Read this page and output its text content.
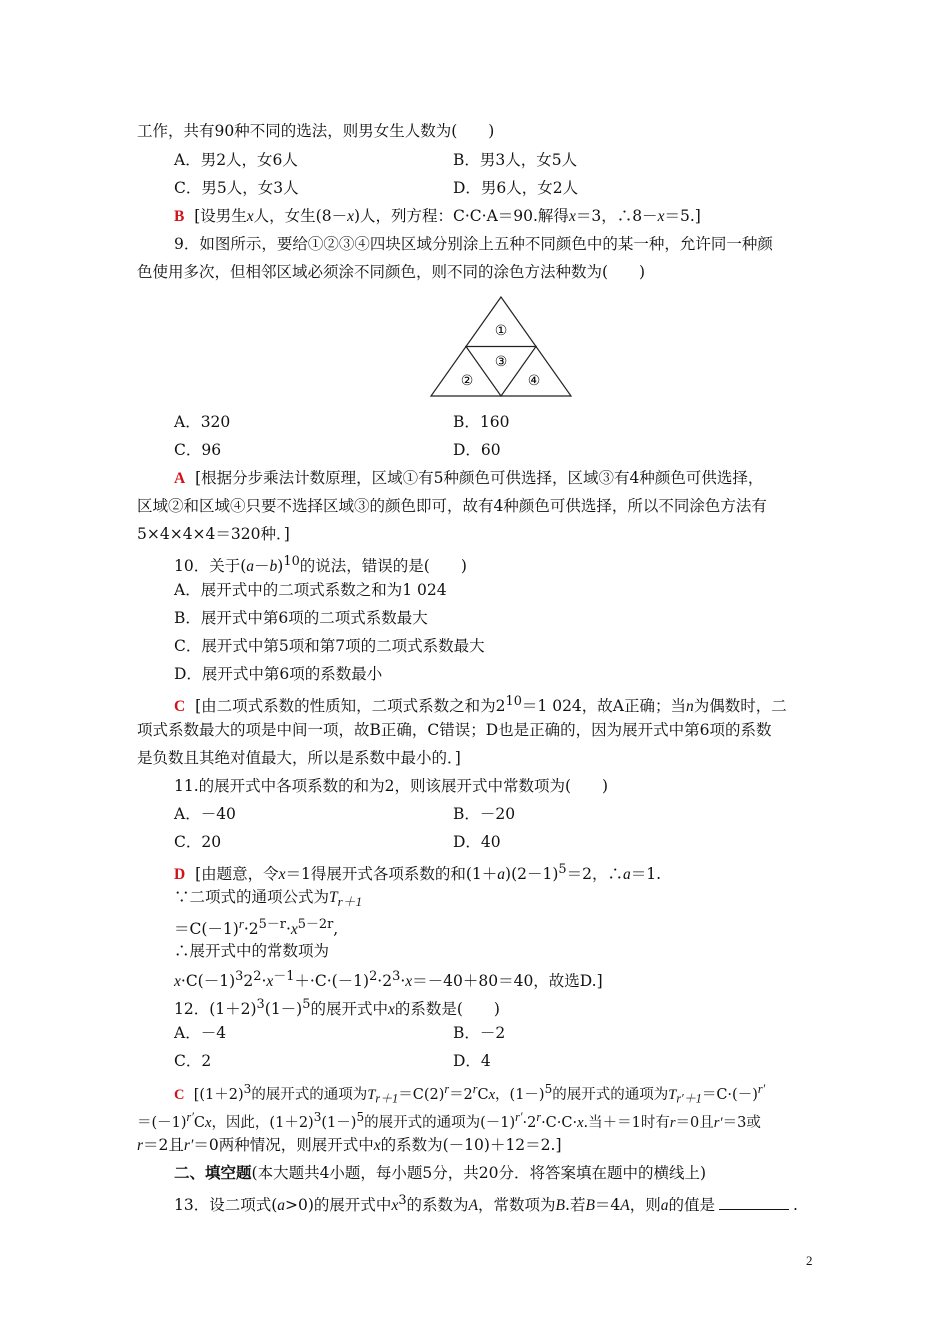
工作，共有90种不同的选法，则男女生人数为(　　)
A．男2人，女6人	B．男3人，女5人
C．男5人，女3人	D．男6人，女2人
B [设男生x人，女生(8－x)人，列方程：C·C·A＝90.解得x＝3，∴8－x＝5.]
9．如图所示，要给①②③④四块区域分别涂上五种不同颜色中的某一种，允许同一种颜
色使用多次，但相邻区域必须涂不同颜色，则不同的涂色方法种数为(　　)
①
②
③
④
A．320	B．160
C．96	D．60
A [根据分步乘法计数原理，区域①有5种颜色可供选择，区域③有4种颜色可供选择，
区域②和区域④只要不选择区域③的颜色即可，故有4种颜色可供选择，所以不同涂色方法有
5×4×4×4＝320种．]
10．关于$(a-b)^{10}$的说法，错误的是(　　)
A．展开式中的二项式系数之和为1 024
B．展开式中第6项的二项式系数最大
C．展开式中第5项和第7项的二项式系数最大
D．展开式中第6项的系数最小
C [由二项式系数的性质知，二项式系数之和为$2^{10}=1$ 024，故A正确；当n为偶数时，二
项式系数最大的项是中间一项，故B正确，C错误；D也是正确的，因为展开式中第6项的系数
是负数且其绝对值最大，所以是系数中最小的．]
11.的展开式中各项系数的和为2，则该展开式中常数项为(　　)
A．－40	B．－20
C．20	D．40
D [由题意，令x＝1得展开式各项系数的和$(1+a)(2-1)^5=2$，∴a＝1.
∵二项式的通项公式为$T_{r+1}$
$=C(-1)^r\cdot 2^{5-r}\cdot x^{5-2r}$,
∴展开式中的常数项为
$x\cdot C(-1)^32^2\cdot x^{-1}+\cdot C\cdot(-1)^2\cdot 2^3\cdot x=-40+80=40$，故选D.]
12．$(1+2)^3(1-)^5$的展开式中x的系数是(　　)
A．－4	B．－2
C．2	D．4
C [$(1+2)^3$的展开式的通项为$T_{r+1}=C(2)^r=2^rCx$，$(1-)^5$的展开式的通项为$T_{r'+1}=C\cdot(-)^{r'}$
$=(-1)^{r'}Cx$，因此，$(1+2)^3(1-)^5$的展开式的通项为$(-1)^{r'}\cdot 2^r\cdot C\cdot C\cdot x$.当＋＝1时有r＝0且r′＝3或
r＝2且r′＝0两种情况，则展开式中x的系数为(－10)＋12＝2.]
二、填空题(本大题共4小题，每小题5分，共20分．将答案填在题中的横线上)
13．设二项式(a>0)的展开式中$x^3$的系数为A，常数项为B.若B＝4A，则a的值是	.
2
